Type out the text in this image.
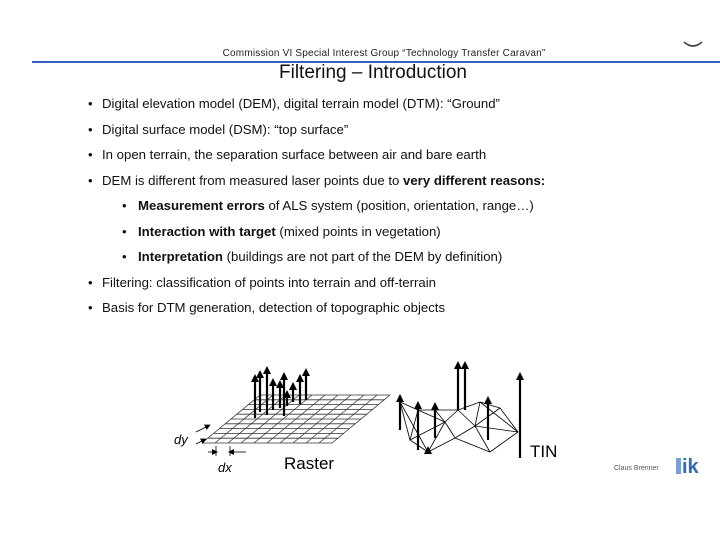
Commission VI Special Interest Group “Technology Transfer Caravan”
Filtering – Introduction
• Digital elevation model (DEM), digital terrain model (DTM): “Ground”
• Digital surface model (DSM): “top surface”
• In open terrain, the separation surface between air and bare earth
• DEM is different from measured laser points due to very different reasons:
• Measurement errors of ALS system (position, orientation, range…)
• Interaction with target (mixed points in vegetation)
• Interpretation (buildings are not part of the DEM by definition)
• Filtering: classification of points into terrain and off-terrain
• Basis for DTM generation, detection of topographic objects
dy
dx	Raster
TIN
Claus Brenner ik
